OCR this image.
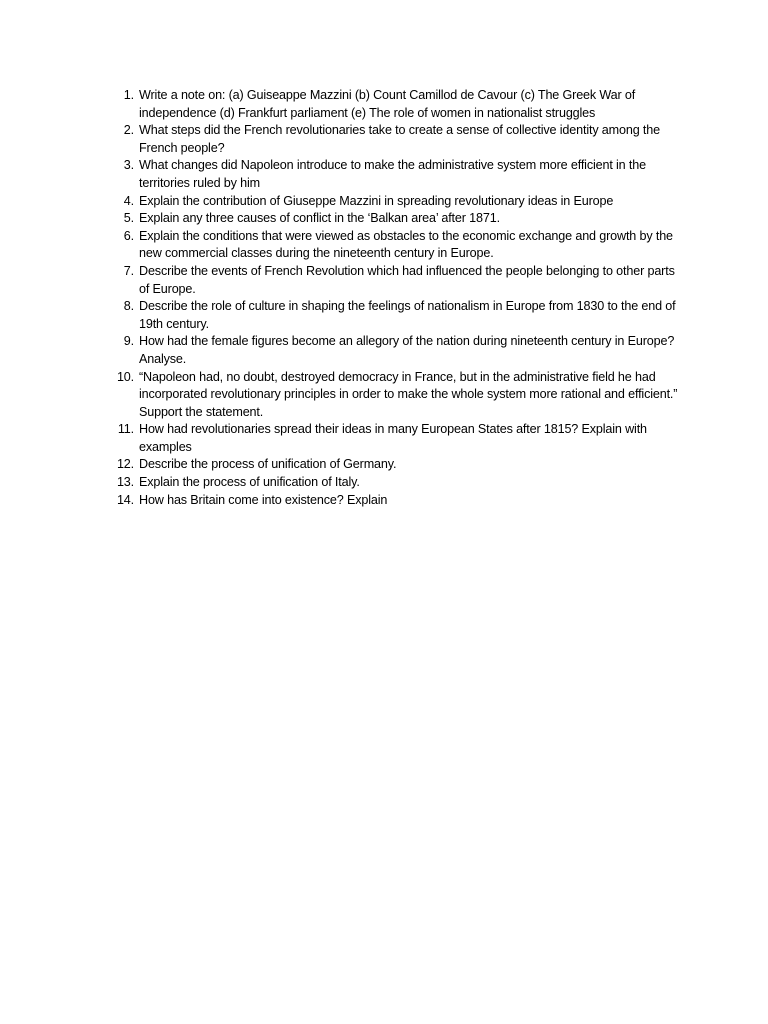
1. Write a note on: (a) Guiseappe Mazzini (b) Count Camillod de Cavour (c) The Greek War of independence (d) Frankfurt parliament (e) The role of women in nationalist struggles
2. What steps did the French revolutionaries take to create a sense of collective identity among the French people?
3. What changes did Napoleon introduce to make the administrative system more efficient in the territories ruled by him
4. Explain the contribution of Giuseppe Mazzini in spreading revolutionary ideas in Europe
5. Explain any three causes of conflict in the ‘Balkan area’ after 1871.
6. Explain the conditions that were viewed as obstacles to the economic exchange and growth by the new commercial classes during the nineteenth century in Europe.
7. Describe the events of French Revolution which had influenced the people belonging to other parts of Europe.
8. Describe the role of culture in shaping the feelings of nationalism in Europe from 1830 to the end of 19th century.
9. How had the female figures become an allegory of the nation during nineteenth century in Europe? Analyse.
10. “Napoleon had, no doubt, destroyed democracy in France, but in the administrative field he had incorporated revolutionary principles in order to make the whole system more rational and efficient.” Support the statement.
11. How had revolutionaries spread their ideas in many European States after 1815? Explain with examples
12. Describe the process of unification of Germany.
13. Explain the process of unification of Italy.
14. How has Britain come into existence? Explain
